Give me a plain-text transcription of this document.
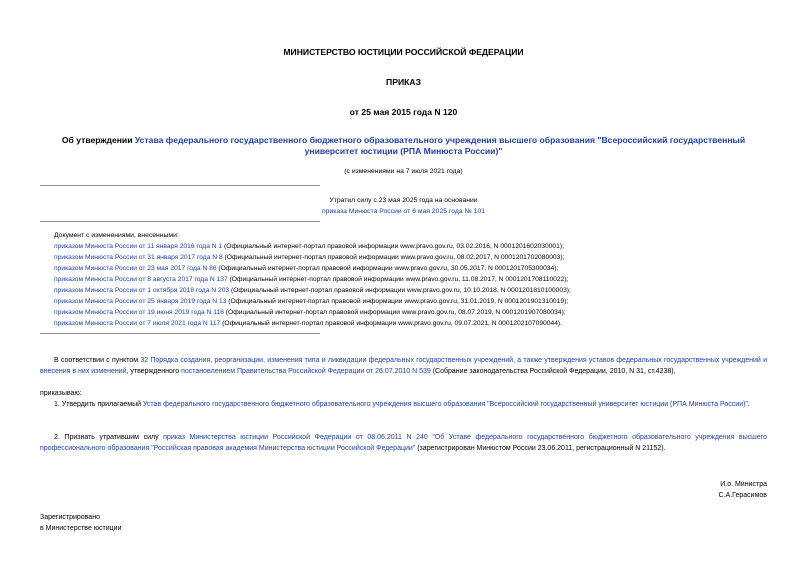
МИНИСТЕРСТВО ЮСТИЦИИ РОССИЙСКОЙ ФЕДЕРАЦИИ
ПРИКАЗ
от 25 мая 2015 года N 120
Об утверждении Устава федерального государственного бюджетного образовательного учреждения высшего образования "Всероссийский государственный университет юстиции (РПА Минюста России)"
(с изменениями на 7 июля 2021 года)
Утратил силу с 23 мая 2025 года на основании
приказа Минюста России от 6 мая 2025 года № 101
Документ с изменениями, внесенными:
приказом Минюста России от 11 января 2016 года N 1 (Официальный интернет-портал правовой информации www.pravo.gov.ru, 03.02.2016, N 0001201602030001);
приказом Минюста России от 31 января 2017 года N 8 (Официальный интернет-портал правовой информации www.pravo.gov.ru, 08.02.2017, N 0001201702080003);
приказом Минюста России от 23 мая 2017 года N 86 (Официальный интернет-портал правовой информации www.pravo.gov.ru, 30.05.2017, N 0001201705300034);
приказом Минюста России от 8 августа 2017 года N 137 (Официальный интернет-портал правовой информации www.pravo.gov.ru, 11.08.2017, N 0001201708110022);
приказом Минюста России от 1 октября 2018 года N 203 (Официальный интернет-портал правовой информации www.pravo.gov.ru, 10.10.2018, N 0001201810100003);
приказом Минюста России от 25 января 2019 года N 13 (Официальный интернет-портал правовой информации www.pravo.gov.ru, 31.01.2019, N 0001201901310019);
приказом Минюста России от 19 июня 2019 года N 116 (Официальный интернет-портал правовой информации www.pravo.gov.ru, 08.07.2019, N 0001201907080034);
приказом Минюста России от 7 июля 2021 года N 117 (Официальный интернет-портал правовой информации www.pravo.gov.ru, 09.07.2021, N 0001202107090044).
В соответствии с пунктом 32 Порядка создания, реорганизации, изменения типа и ликвидации федеральных государственных учреждений, а также утверждения уставов федеральных государственных учреждений и внесения в них изменений, утвержденного постановлением Правительства Российской Федерации от 26.07.2010 N 539 (Собрание законодательства Российской Федерации, 2010, N 31, ст.4238),
приказываю:
1. Утвердить прилагаемый Устав федерального государственного бюджетного образовательного учреждения высшего образования "Всероссийский государственный университет юстиции (РПА Минюста России)".
2. Признать утратившим силу приказ Министерства юстиции Российской Федерации от 08.06.2011 N 240 "Об Уставе федерального государственного бюджетного образовательного учреждения высшего профессионального образования "Российская правовая академия Министерства юстиции Российской Федерации" (зарегистрирован Минюстом России 23.06.2011, регистрационный N 21152).
И.о. Министра
С.А.Герасимов
Зарегистрировано
в Министерстве юстиции
